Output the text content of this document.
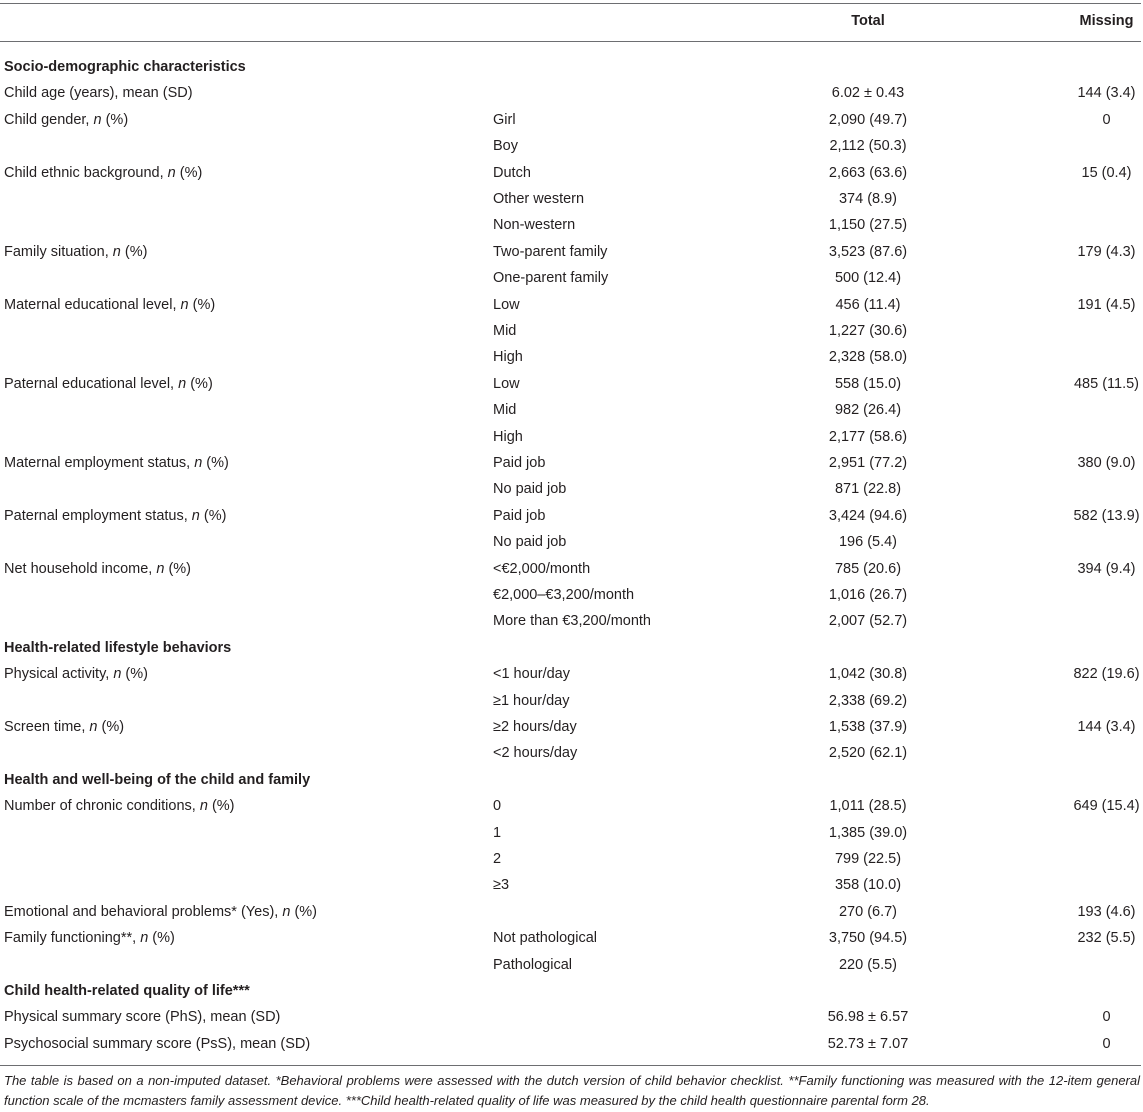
Total	Missing
Socio-demographic characteristics
Child age (years), mean (SD)	6.02 ± 0.43	144 (3.4)
Child gender, n (%)	Girl	2,090 (49.7)	0
Boy	2,112 (50.3)
Child ethnic background, n (%)	Dutch	2,663 (63.6)	15 (0.4)
Other western	374 (8.9)
Non-western	1,150 (27.5)
Family situation, n (%)	Two-parent family	3,523 (87.6)	179 (4.3)
One-parent family	500 (12.4)
Maternal educational level, n (%)	Low	456 (11.4)	191 (4.5)
Mid	1,227 (30.6)
High	2,328 (58.0)
Paternal educational level, n (%)	Low	558 (15.0)	485 (11.5)
Mid	982 (26.4)
High	2,177 (58.6)
Maternal employment status, n (%)	Paid job	2,951 (77.2)	380 (9.0)
No paid job	871 (22.8)
Paternal employment status, n (%)	Paid job	3,424 (94.6)	582 (13.9)
No paid job	196 (5.4)
Net household income, n (%)	<€2,000/month	785 (20.6)	394 (9.4)
€2,000–€3,200/month	1,016 (26.7)
More than €3,200/month	2,007 (52.7)
Health-related lifestyle behaviors
Physical activity, n (%)	<1 hour/day	1,042 (30.8)	822 (19.6)
≥1 hour/day	2,338 (69.2)
Screen time, n (%)	≥2 hours/day	1,538 (37.9)	144 (3.4)
<2 hours/day	2,520 (62.1)
Health and well-being of the child and family
Number of chronic conditions, n (%)	0	1,011 (28.5)	649 (15.4)
1	1,385 (39.0)
2	799 (22.5)
≥3	358 (10.0)
Emotional and behavioral problems* (Yes), n (%)	270 (6.7)	193 (4.6)
Family functioning**, n (%)	Not pathological	3,750 (94.5)	232 (5.5)
Pathological	220 (5.5)
Child health-related quality of life***
Physical summary score (PhS), mean (SD)	56.98 ± 6.57	0
Psychosocial summary score (PsS), mean (SD)	52.73 ± 7.07	0
The table is based on a non-imputed dataset. *Behavioral problems were assessed with the dutch version of child behavior checklist. **Family functioning was measured with the 12-item general function scale of the mcmasters family assessment device. ***Child health-related quality of life was measured by the child health questionnaire parental form 28.
